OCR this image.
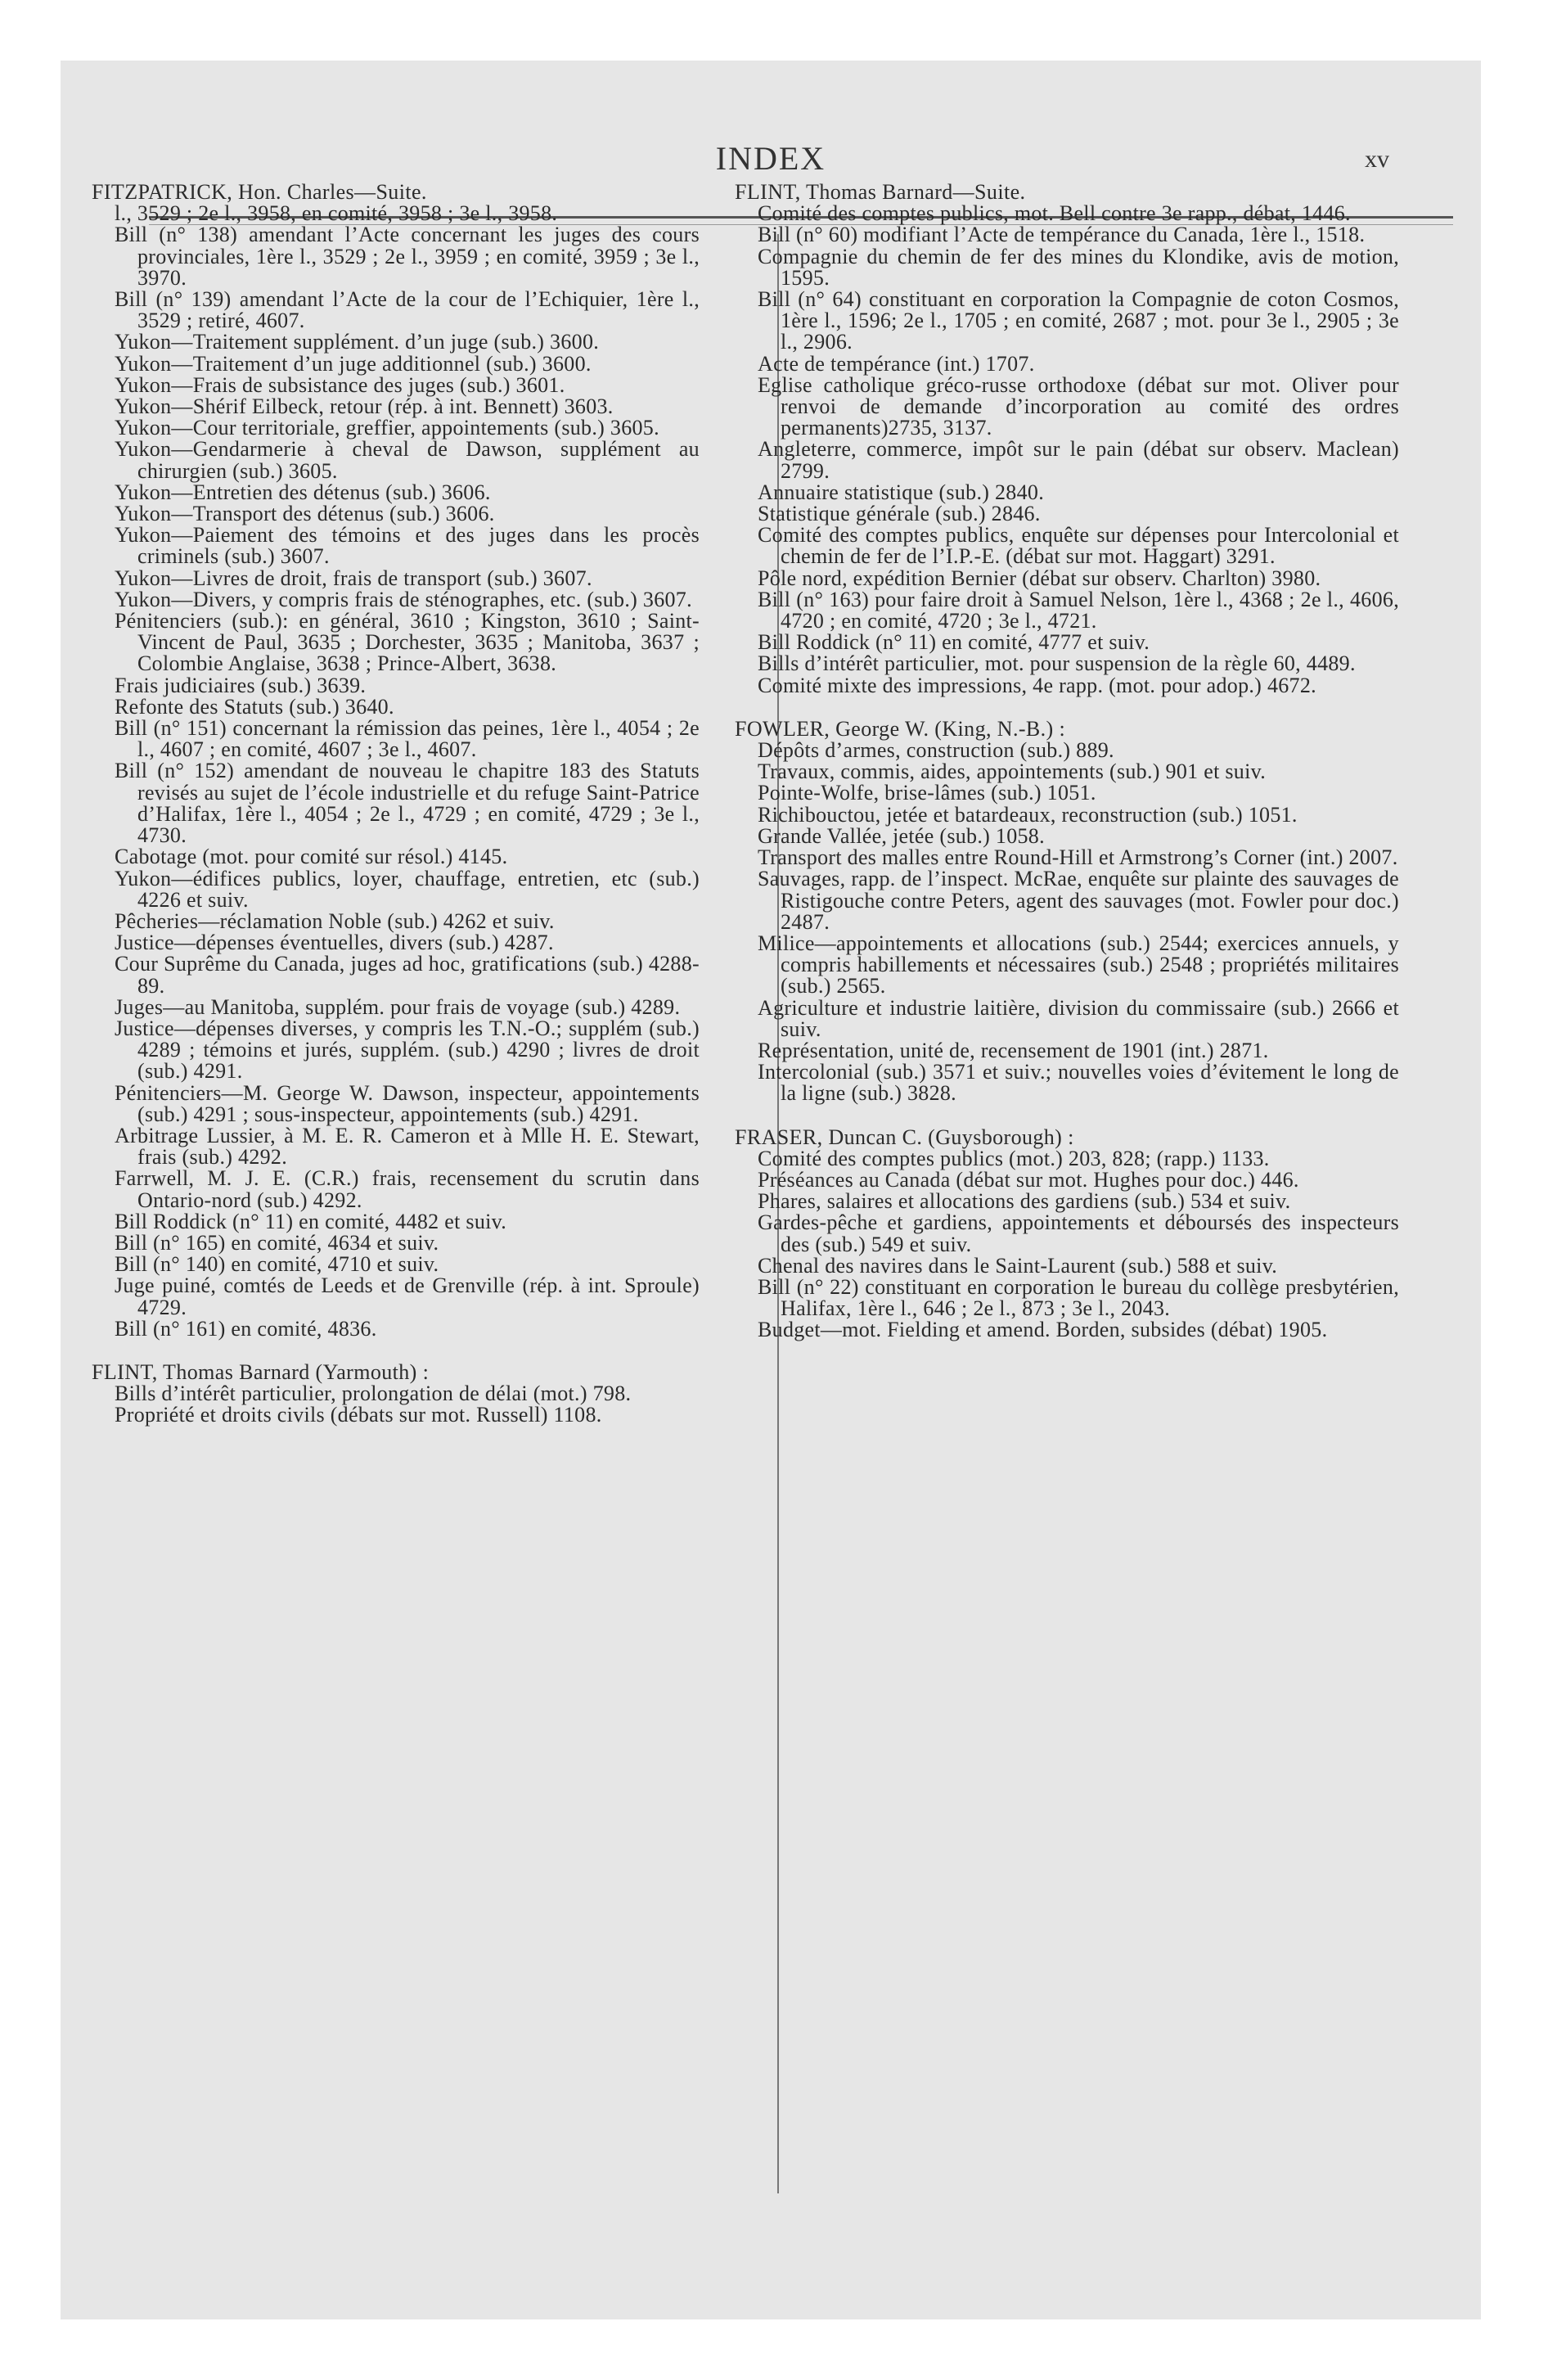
INDEX	xv

FITZPATRICK, Hon. Charles—Suite.

l., 3529 ; 2e l., 3958, en comité, 3958 ; 3e l., 3958.

Bill (n° 138) amendant l’Acte concernant les juges des cours provinciales, 1ère l., 3529 ; 2e l., 3959 ; en comité, 3959 ; 3e l., 3970.

Bill (n° 139) amendant l’Acte de la cour de l’Echiquier, 1ère l., 3529 ; retiré, 4607.

Yukon—Traitement supplément. d’un juge (sub.) 3600.

Yukon—Traitement d’un juge additionnel (sub.) 3600.

Yukon—Frais de subsistance des juges (sub.) 3601.

Yukon—Shérif Eilbeck, retour (rép. à int. Bennett) 3603.

Yukon—Cour territoriale, greffier, appointements (sub.) 3605.

Yukon—Gendarmerie à cheval de Dawson, supplément au chirurgien (sub.) 3605.

Yukon—Entretien des détenus (sub.) 3606.

Yukon—Transport des détenus (sub.) 3606.

Yukon—Paiement des témoins et des juges dans les procès criminels (sub.) 3607.

Yukon—Livres de droit, frais de transport (sub.) 3607.

Yukon—Divers, y compris frais de sténographes, etc. (sub.) 3607.

Pénitenciers (sub.): en général, 3610 ; Kingston, 3610 ; Saint-Vincent de Paul, 3635 ; Dorchester, 3635 ; Manitoba, 3637 ; Colombie Anglaise, 3638 ; Prince-Albert, 3638.

Frais judiciaires (sub.) 3639.

Refonte des Statuts (sub.) 3640.

Bill (n° 151) concernant la rémission das peines, 1ère l., 4054 ; 2e l., 4607 ; en comité, 4607 ; 3e l., 4607.

Bill (n° 152) amendant de nouveau le chapitre 183 des Statuts revisés au sujet de l’école industrielle et du refuge Saint-Patrice d’Halifax, 1ère l., 4054 ; 2e l., 4729 ; en comité, 4729 ; 3e l., 4730.

Cabotage (mot. pour comité sur résol.) 4145.

Yukon—édifices publics, loyer, chauffage, entretien, etc (sub.) 4226 et suiv.

Pêcheries—réclamation Noble (sub.) 4262 et suiv.

Justice—dépenses éventuelles, divers (sub.) 4287.

Cour Suprême du Canada, juges ad hoc, gratifications (sub.) 4288-89.

Juges—au Manitoba, supplém. pour frais de voyage (sub.) 4289.

Justice—dépenses diverses, y compris les T.N.-O.; supplém (sub.) 4289 ; témoins et jurés, supplém. (sub.) 4290 ; livres de droit (sub.) 4291.

Pénitenciers—M. George W. Dawson, inspecteur, appointements (sub.) 4291 ; sous-inspecteur, appointements (sub.) 4291.

Arbitrage Lussier, à M. E. R. Cameron et à Mlle H. E. Stewart, frais (sub.) 4292.

Farrwell, M. J. E. (C.R.) frais, recensement du scrutin dans Ontario-nord (sub.) 4292.

Bill Roddick (n° 11) en comité, 4482 et suiv.

Bill (n° 165) en comité, 4634 et suiv.

Bill (n° 140) en comité, 4710 et suiv.

Juge puiné, comtés de Leeds et de Grenville (rép. à int. Sproule) 4729.

Bill (n° 161) en comité, 4836.

FLINT, Thomas Barnard (Yarmouth) :

Bills d’intérêt particulier, prolongation de délai (mot.) 798.

Propriété et droits civils (débats sur mot. Russell) 1108.

FLINT, Thomas Barnard—Suite.

Comité des comptes publics, mot. Bell contre 3e rapp., débat, 1446.

Bill (n° 60) modifiant l’Acte de tempérance du Canada, 1ère l., 1518.

Compagnie du chemin de fer des mines du Klondike, avis de motion, 1595.

Bill (n° 64) constituant en corporation la Compagnie de coton Cosmos, 1ère l., 1596; 2e l., 1705 ; en comité, 2687 ; mot. pour 3e l., 2905 ; 3e l., 2906.

Acte de tempérance (int.) 1707.

Eglise catholique gréco-russe orthodoxe (débat sur mot. Oliver pour renvoi de demande d’incorporation au comité des ordres permanents)2735, 3137.

Angleterre, commerce, impôt sur le pain (débat sur observ. Maclean) 2799.

Annuaire statistique (sub.) 2840.

Statistique générale (sub.) 2846.

Comité des comptes publics, enquête sur dépenses pour Intercolonial et chemin de fer de l’I.P.-E. (débat sur mot. Haggart) 3291.

Pôle nord, expédition Bernier (débat sur observ. Charlton) 3980.

Bill (n° 163) pour faire droit à Samuel Nelson, 1ère l., 4368 ; 2e l., 4606, 4720 ; en comité, 4720 ; 3e l., 4721.

Bill Roddick (n° 11) en comité, 4777 et suiv.

Bills d’intérêt particulier, mot. pour suspension de la règle 60, 4489.

Comité mixte des impressions, 4e rapp. (mot. pour adop.) 4672.

FOWLER, George W. (King, N.-B.) :

Dépôts d’armes, construction (sub.) 889.

Travaux, commis, aides, appointements (sub.) 901 et suiv.

Pointe-Wolfe, brise-lâmes (sub.) 1051.

Richibouctou, jetée et batardeaux, reconstruction (sub.) 1051.

Grande Vallée, jetée (sub.) 1058.

Transport des malles entre Round-Hill et Armstrong’s Corner (int.) 2007.

Sauvages, rapp. de l’inspect. McRae, enquête sur plainte des sauvages de Ristigouche contre Peters, agent des sauvages (mot. Fowler pour doc.) 2487.

Milice—appointements et allocations (sub.) 2544; exercices annuels, y compris habillements et nécessaires (sub.) 2548 ; propriétés militaires (sub.) 2565.

Agriculture et industrie laitière, division du commissaire (sub.) 2666 et suiv.

Représentation, unité de, recensement de 1901 (int.) 2871.

Intercolonial (sub.) 3571 et suiv.; nouvelles voies d’évitement le long de la ligne (sub.) 3828.

FRASER, Duncan C. (Guysborough) :

Comité des comptes publics (mot.) 203, 828; (rapp.) 1133.

Préséances au Canada (débat sur mot. Hughes pour doc.) 446.

Phares, salaires et allocations des gardiens (sub.) 534 et suiv.

Gardes-pêche et gardiens, appointements et déboursés des inspecteurs des (sub.) 549 et suiv.

Chenal des navires dans le Saint-Laurent (sub.) 588 et suiv.

Bill (n° 22) constituant en corporation le bureau du collège presbytérien, Halifax, 1ère l., 646 ; 2e l., 873 ; 3e l., 2043.

Budget—mot. Fielding et amend. Borden, subsides (débat) 1905.
